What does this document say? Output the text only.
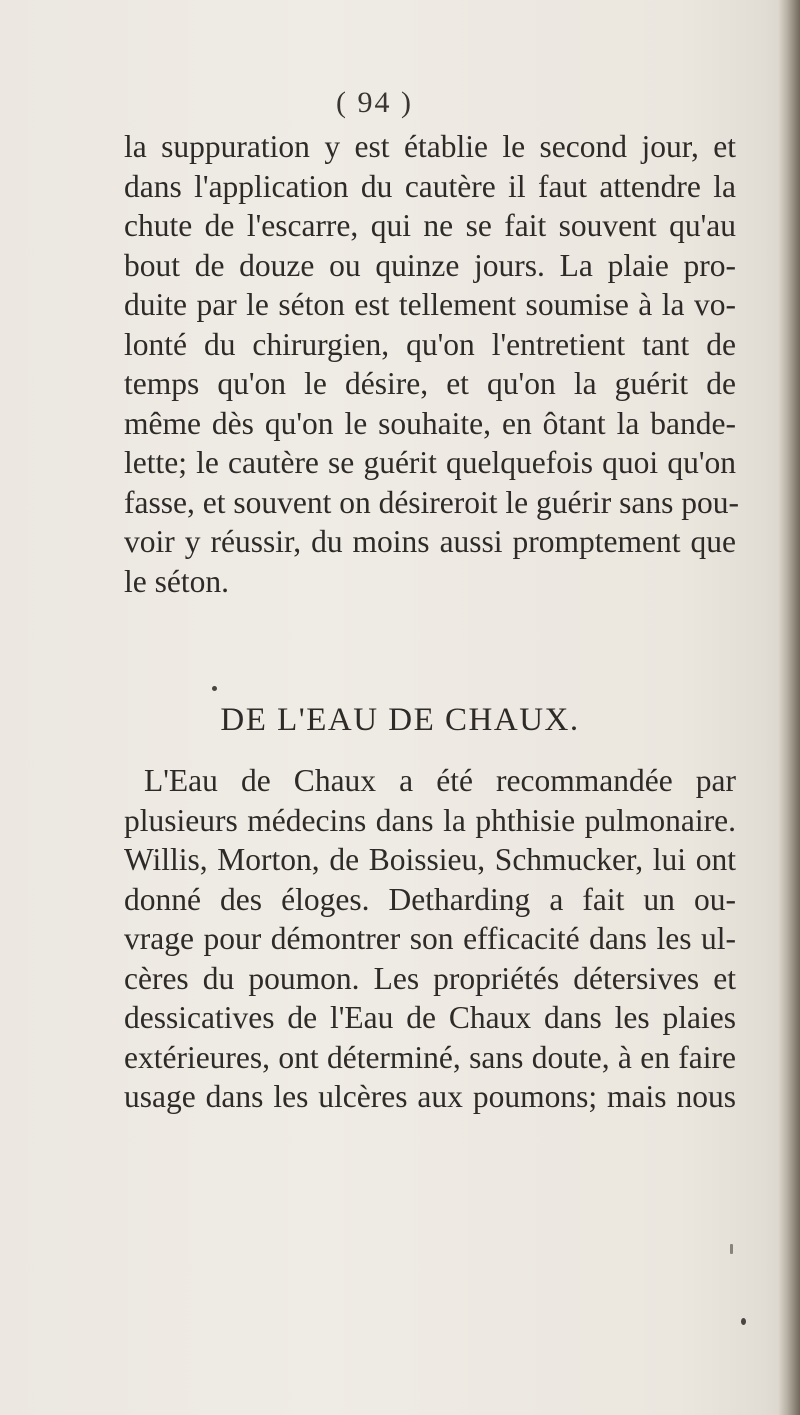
( 94 )
la suppuration y est établie le second jour, et
dans l'application du cautère il faut attendre la
chute de l'escarre, qui ne se fait souvent qu'au
bout de douze ou quinze jours. La plaie pro-
duite par le séton est tellement soumise à la vo-
lonté du chirurgien, qu'on l'entretient tant de
temps qu'on le désire, et qu'on la guérit de
même dès qu'on le souhaite, en ôtant la bande-
lette; le cautère se guérit quelquefois quoi qu'on
fasse, et souvent on désireroit le guérir sans pou-
voir y réussir, du moins aussi promptement que
le séton.
DE L'EAU DE CHAUX.
L'Eau de Chaux a été recommandée par
plusieurs médecins dans la phthisie pulmonaire.
Willis, Morton, de Boissieu, Schmucker, lui ont
donné des éloges. Detharding a fait un ou-
vrage pour démontrer son efficacité dans les ul-
cères du poumon. Les propriétés détersives et
dessicatives de l'Eau de Chaux dans les plaies
extérieures, ont déterminé, sans doute, à en faire
usage dans les ulcères aux poumons; mais nous
